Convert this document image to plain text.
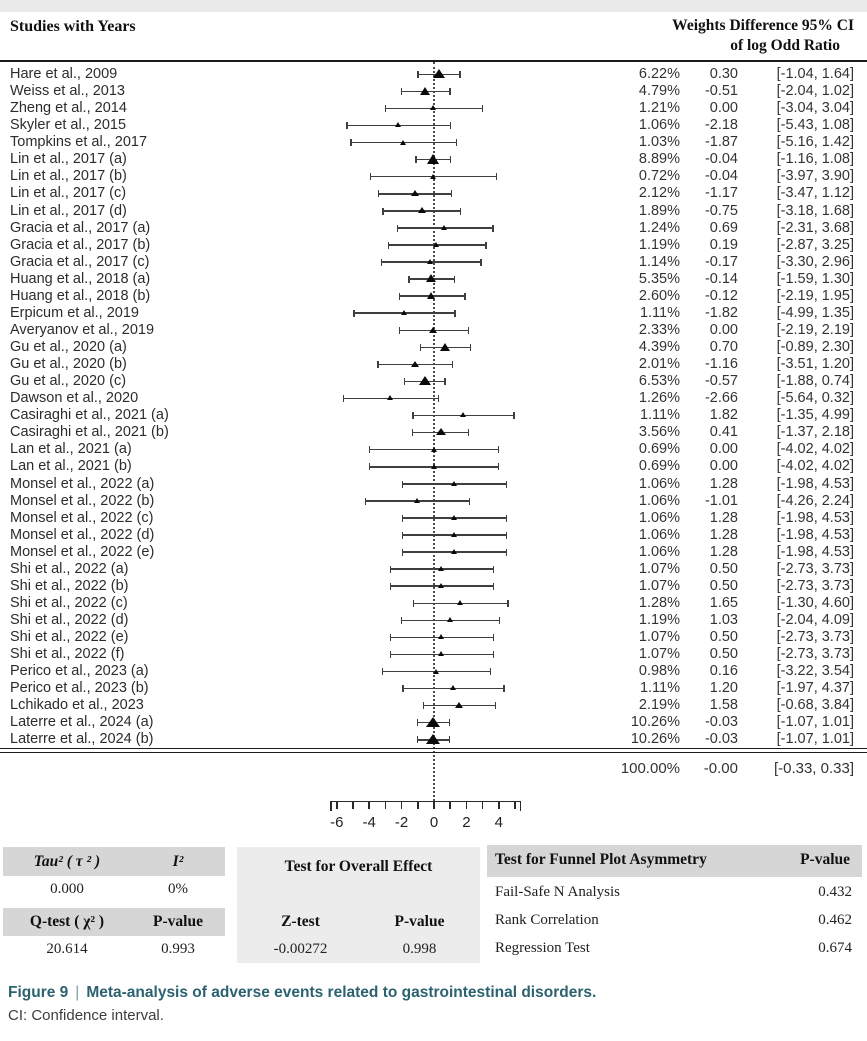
Studies with Years	Weights Difference 95% CI
of log Odd Ratio
Hare et al., 2009	6.22%	0.30	[-1.04, 1.64]
Weiss et al., 2013	4.79%	-0.51	[-2.04, 1.02]
Zheng et al., 2014	1.21%	0.00	[-3.04, 3.04]
Skyler et al., 2015	1.06%	-2.18	[-5.43, 1.08]
Tompkins et al., 2017	1.03%	-1.87	[-5.16, 1.42]
Lin et al., 2017 (a)	8.89%	-0.04	[-1.16, 1.08]
Lin et al., 2017 (b)	0.72%	-0.04	[-3.97, 3.90]
Lin et al., 2017 (c)	2.12%	-1.17	[-3.47, 1.12]
Lin et al., 2017 (d)	1.89%	-0.75	[-3.18, 1.68]
Gracia et al., 2017 (a)	1.24%	0.69	[-2.31, 3.68]
Gracia et al., 2017 (b)	1.19%	0.19	[-2.87, 3.25]
Gracia et al., 2017 (c)	1.14%	-0.17	[-3.30, 2.96]
Huang et al., 2018 (a)	5.35%	-0.14	[-1.59, 1.30]
Huang et al., 2018 (b)	2.60%	-0.12	[-2.19, 1.95]
Erpicum et al., 2019	1.11%	-1.82	[-4.99, 1.35]
Averyanov et al., 2019	2.33%	0.00	[-2.19, 2.19]
Gu et al., 2020 (a)	4.39%	0.70	[-0.89, 2.30]
Gu et al., 2020 (b)	2.01%	-1.16	[-3.51, 1.20]
Gu et al., 2020 (c)	6.53%	-0.57	[-1.88, 0.74]
Dawson et al., 2020	1.26%	-2.66	[-5.64, 0.32]
Casiraghi et al., 2021 (a)	1.11%	1.82	[-1.35, 4.99]
Casiraghi et al., 2021 (b)	3.56%	0.41	[-1.37, 2.18]
Lan et al., 2021 (a)	0.69%	0.00	[-4.02, 4.02]
Lan et al., 2021 (b)	0.69%	0.00	[-4.02, 4.02]
Monsel et al., 2022 (a)	1.06%	1.28	[-1.98, 4.53]
Monsel et al., 2022 (b)	1.06%	-1.01	[-4.26, 2.24]
Monsel et al., 2022 (c)	1.06%	1.28	[-1.98, 4.53]
Monsel et al., 2022 (d)	1.06%	1.28	[-1.98, 4.53]
Monsel et al., 2022 (e)	1.06%	1.28	[-1.98, 4.53]
Shi et al., 2022 (a)	1.07%	0.50	[-2.73, 3.73]
Shi et al., 2022 (b)	1.07%	0.50	[-2.73, 3.73]
Shi et al., 2022 (c)	1.28%	1.65	[-1.30, 4.60]
Shi et al., 2022 (d)	1.19%	1.03	[-2.04, 4.09]
Shi et al., 2022 (e)	1.07%	0.50	[-2.73, 3.73]
Shi et al., 2022 (f)	1.07%	0.50	[-2.73, 3.73]
Perico et al., 2023 (a)	0.98%	0.16	[-3.22, 3.54]
Perico et al., 2023 (b)	1.11%	1.20	[-1.97, 4.37]
Lchikado et al., 2023	2.19%	1.58	[-0.68, 3.84]
Laterre et al., 2024 (a)	10.26%	-0.03	[-1.07, 1.01]
Laterre et al., 2024 (b)	10.26%	-0.03	[-1.07, 1.01]
100.00%	-0.00	[-0.33, 0.33]
-6	-4	-2	0	2	4
Tau² ( τ ² )	I²
0.000	0%
Q-test ( χ² )	P-value
20.614	0.993
Test for Overall Effect
Z-test	P-value
-0.00272	0.998
Test for Funnel Plot Asymmetry	P-value
Fail-Safe N Analysis	0.432
Rank Correlation	0.462
Regression Test	0.674
Figure 9 | Meta-analysis of adverse events related to gastrointestinal disorders.
CI: Confidence interval.
